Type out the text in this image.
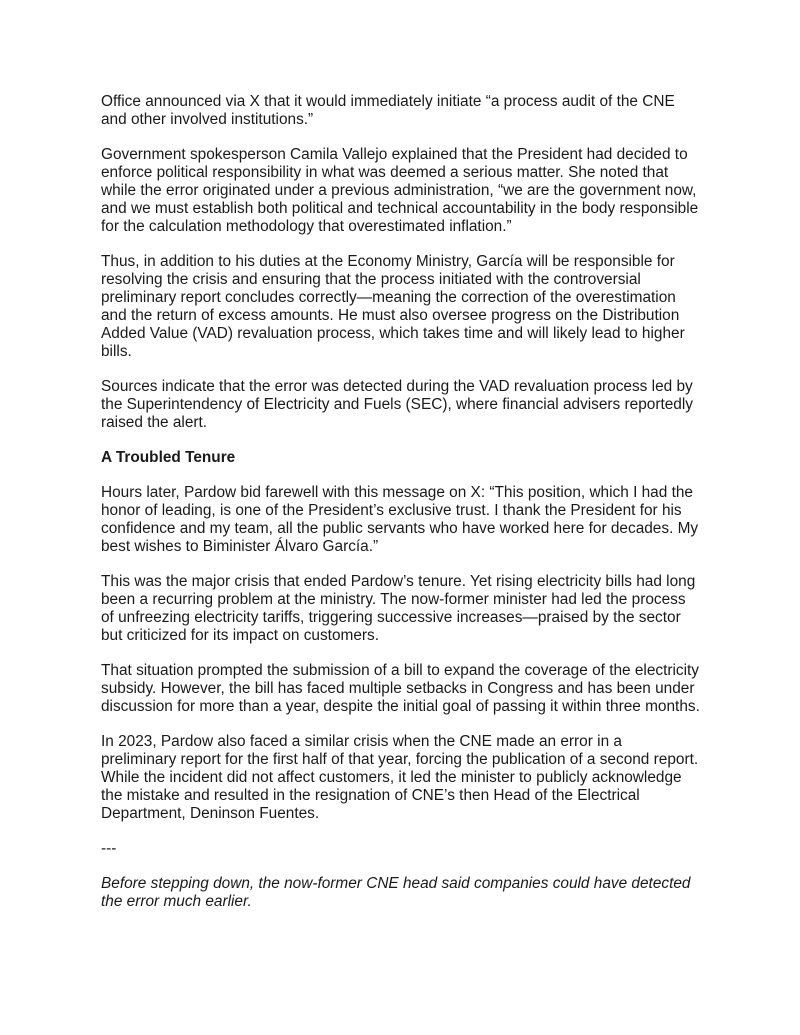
Office announced via X that it would immediately initiate “a process audit of the CNE and other involved institutions.”

Government spokesperson Camila Vallejo explained that the President had decided to enforce political responsibility in what was deemed a serious matter. She noted that while the error originated under a previous administration, “we are the government now, and we must establish both political and technical accountability in the body responsible for the calculation methodology that overestimated inflation.”

Thus, in addition to his duties at the Economy Ministry, García will be responsible for resolving the crisis and ensuring that the process initiated with the controversial preliminary report concludes correctly—meaning the correction of the overestimation and the return of excess amounts. He must also oversee progress on the Distribution Added Value (VAD) revaluation process, which takes time and will likely lead to higher bills.

Sources indicate that the error was detected during the VAD revaluation process led by the Superintendency of Electricity and Fuels (SEC), where financial advisers reportedly raised the alert.

A Troubled Tenure

Hours later, Pardow bid farewell with this message on X: “This position, which I had the honor of leading, is one of the President’s exclusive trust. I thank the President for his confidence and my team, all the public servants who have worked here for decades. My best wishes to Biminister Álvaro García.”

This was the major crisis that ended Pardow’s tenure. Yet rising electricity bills had long been a recurring problem at the ministry. The now-former minister had led the process of unfreezing electricity tariffs, triggering successive increases—praised by the sector but criticized for its impact on customers.

That situation prompted the submission of a bill to expand the coverage of the electricity subsidy. However, the bill has faced multiple setbacks in Congress and has been under discussion for more than a year, despite the initial goal of passing it within three months.

In 2023, Pardow also faced a similar crisis when the CNE made an error in a preliminary report for the first half of that year, forcing the publication of a second report. While the incident did not affect customers, it led the minister to publicly acknowledge the mistake and resulted in the resignation of CNE’s then Head of the Electrical Department, Deninson Fuentes.

---

Before stepping down, the now-former CNE head said companies could have detected the error much earlier.
